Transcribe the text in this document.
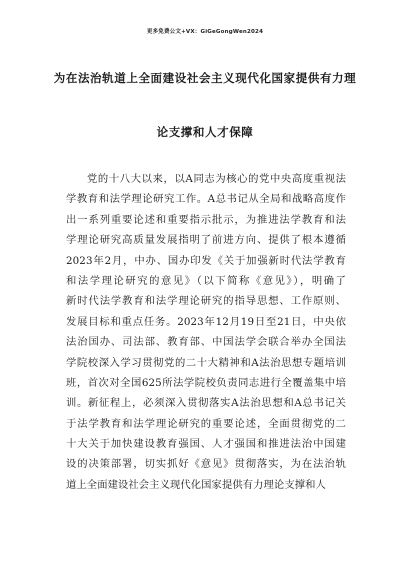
更多免费公文+VX：GiGeGongWen2024
为在法治轨道上全面建设社会主义现代化国家提供有力理
论支撑和人才保障
党的十八大以来，以A同志为核心的党中央高度重视法
学教育和法学理论研究工作。A总书记从全局和战略高度作
出一系列重要论述和重要指示批示，为推进法学教育和法
学理论研究高质量发展指明了前进方向、提供了根本遵循
2023年2月，中办、国办印发《关于加强新时代法学教育
和法学理论研究的意见》（以下简称《意见》），明确了
新时代法学教育和法学理论研究的指导思想、工作原则、
发展目标和重点任务。2023年12月19日至21日，中央依
法治国办、司法部、教育部、中国法学会联合举办全国法
学院校深入学习贯彻党的二十大精神和A法治思想专题培训
班，首次对全国625所法学院校负责同志进行全覆盖集中培
训。新征程上，必须深入贯彻落实A法治思想和A总书记关
于法学教育和法学理论研究的重要论述，全面贯彻党的二
十大关于加快建设教育强国、人才强国和推进法治中国建
设的决策部署，切实抓好《意见》贯彻落实，为在法治轨
道上全面建设社会主义现代化国家提供有力理论支撑和人
